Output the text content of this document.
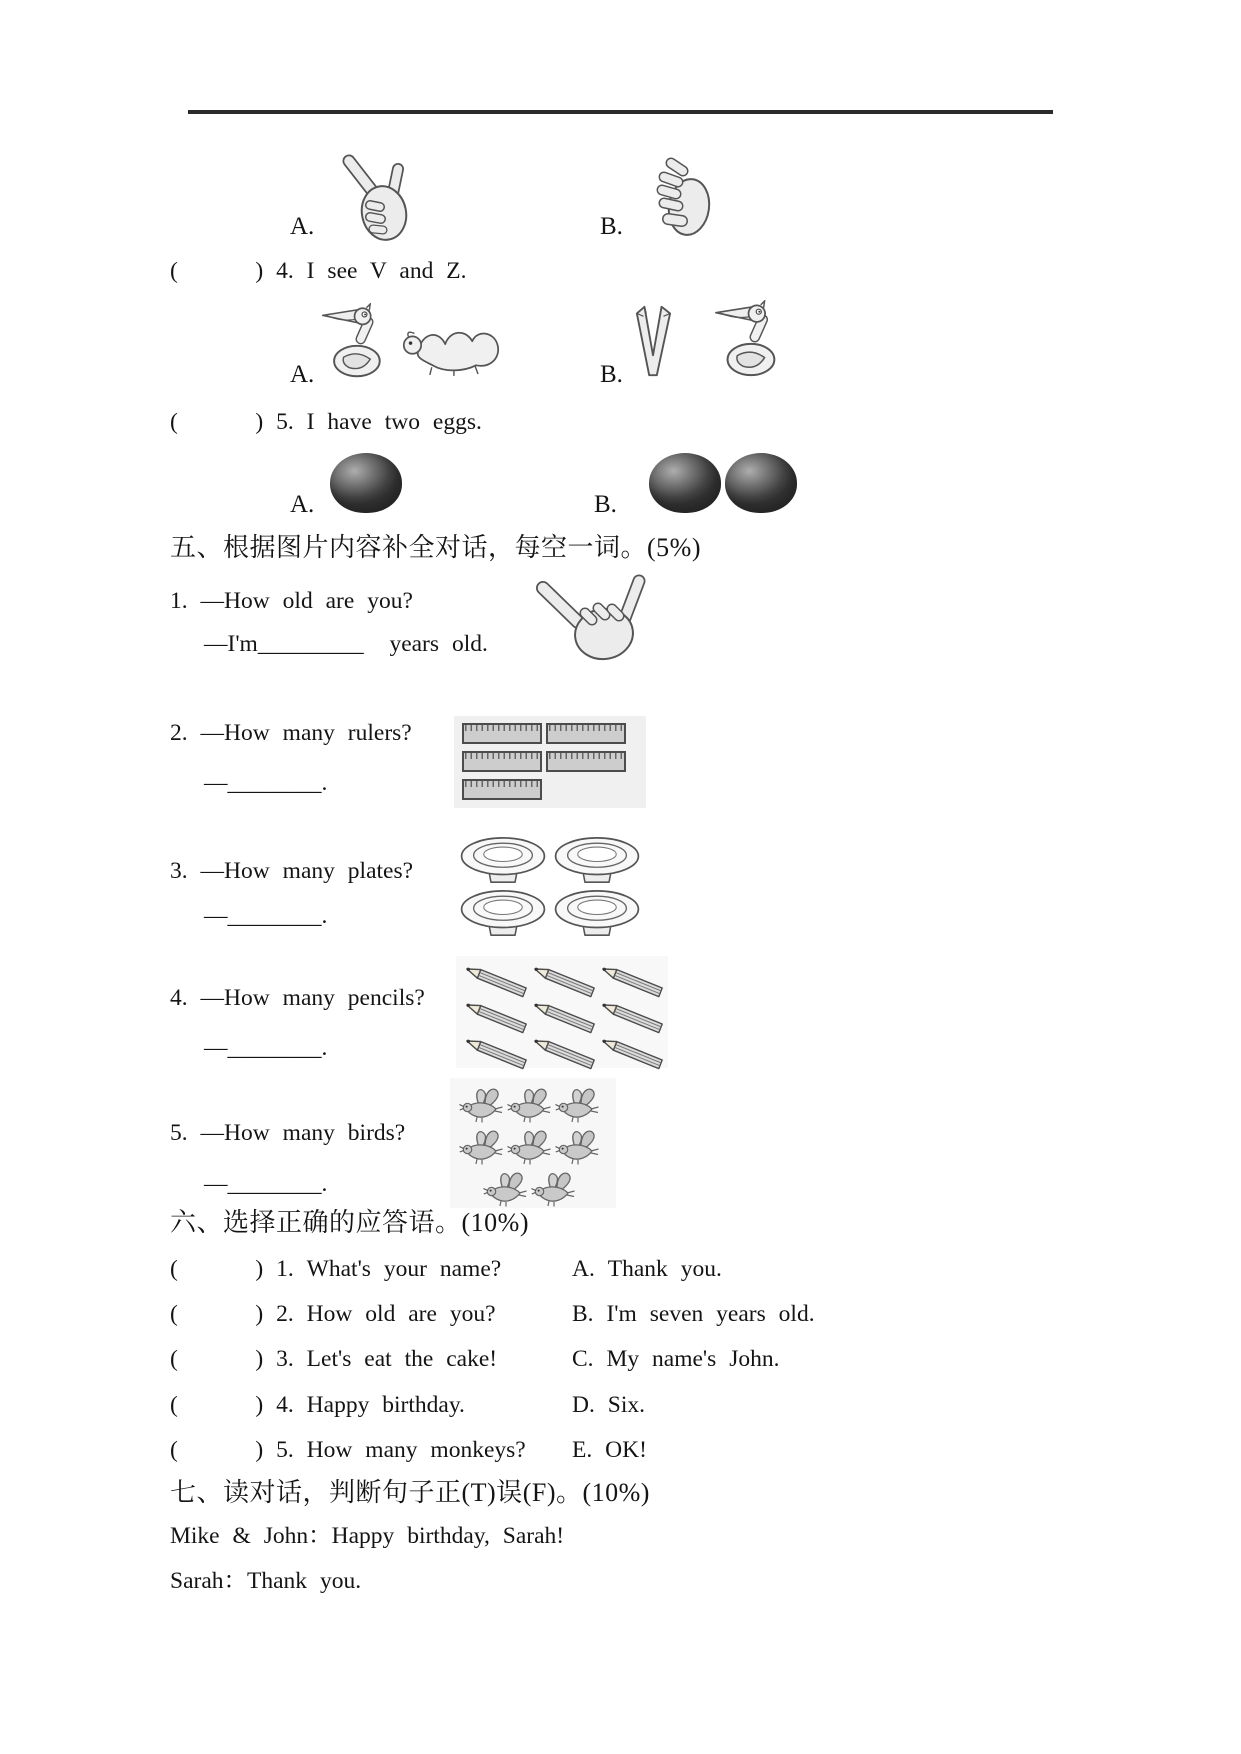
A.	B.
(      ) 4. I see V and Z.
A.	B.
(      ) 5. I have two eggs.
A.	B.
五、根据图片内容补全对话，每空一词。(5%)
1. —How old are you?
—I'm_________  years old.
2. —How many rulers?
—________.
3. —How many plates?
—________.
4. —How many pencils?
—________.
5. —How many birds?
—________.
六、选择正确的应答语。(10%)
(      ) 1. What's your name?	A. Thank you.
(      ) 2. How old are you?	B. I'm seven years old.
(      ) 3. Let's eat the cake!	C. My name's John.
(      ) 4. Happy birthday.	D. Six.
(      ) 5. How many monkeys? E. OK!
七、读对话，判断句子正(T)误(F)。(10%)
Mike & John：Happy birthday, Sarah!
Sarah：Thank you.
